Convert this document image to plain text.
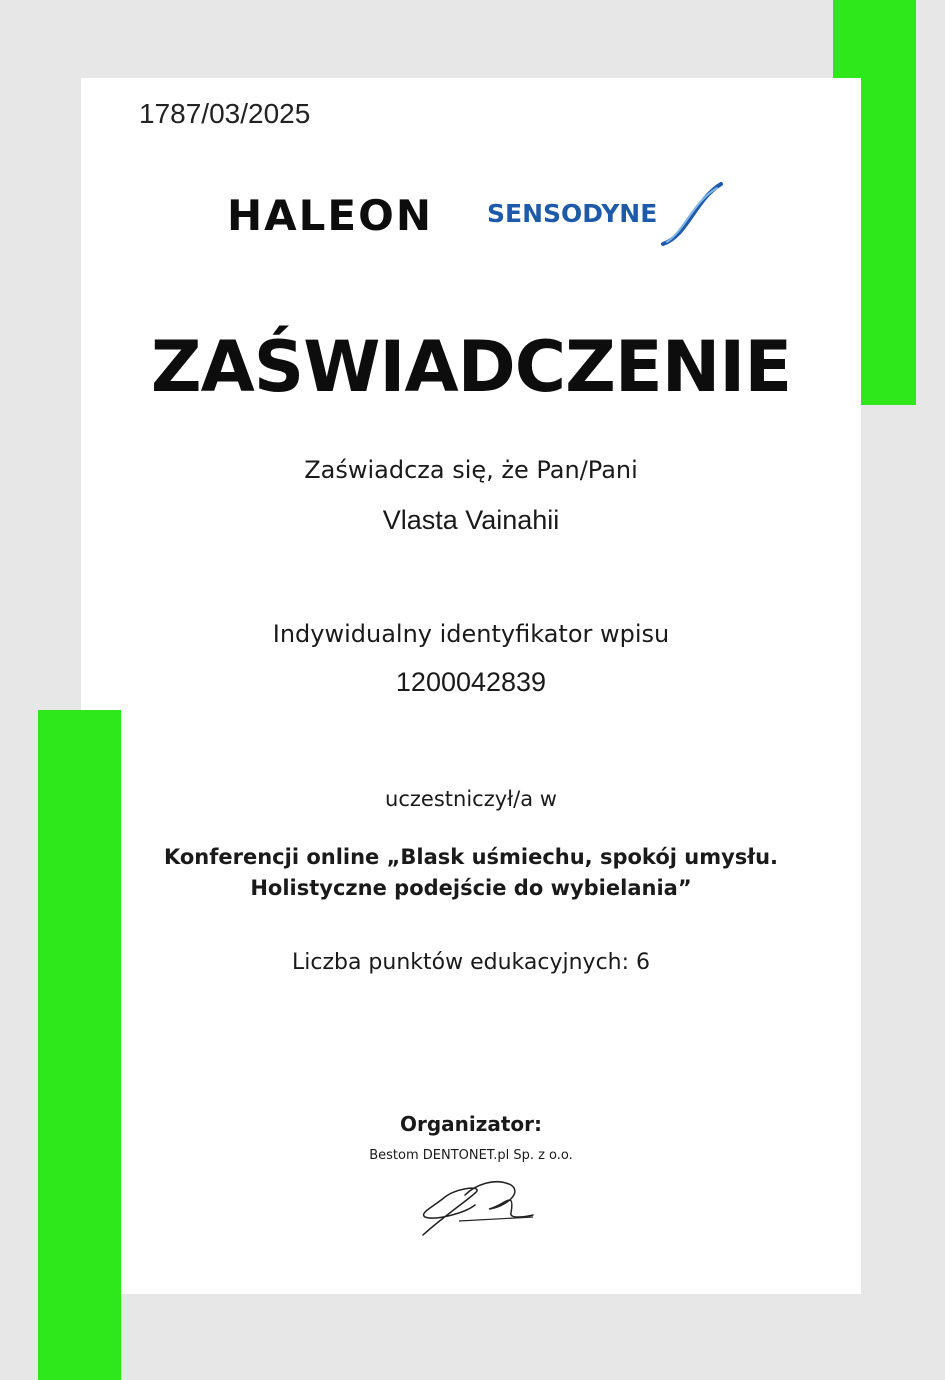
1787/03/2025

HALEON SENSODYNE
ZAŚWIADCZENIE

Zaświadcza się, że Pan/Pani

Vlasta Vainahii

Indywidualny identyfikator wpisu

1200042839

uczestniczył/a w

Konferencji online „Blask uśmiechu, spokój umysłu.
Holistyczne podejście do wybielania”

Liczba punktów edukacyjnych: 6

Organizator:

Bestom DENTONET.pl Sp. z o.o.
